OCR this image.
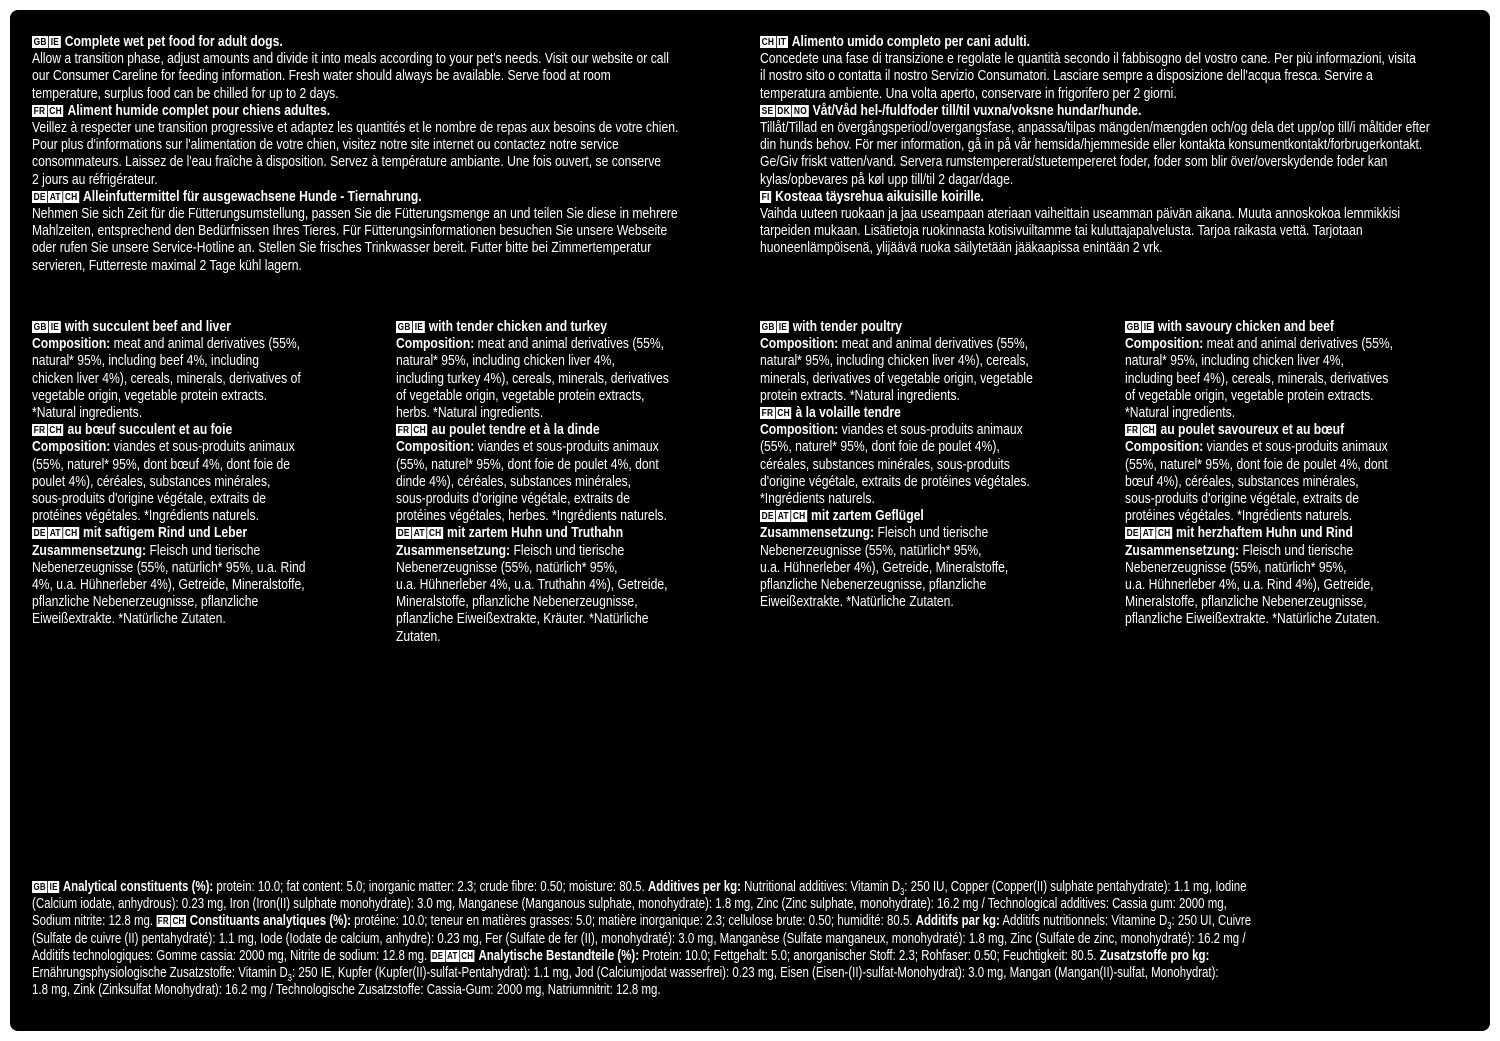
GB IE Complete wet pet food for adult dogs.
Allow a transition phase, adjust amounts and divide it into meals according to your pet's needs. Visit our website or call
our Consumer Careline for feeding information. Fresh water should always be available. Serve food at room
temperature, surplus food can be chilled for up to 2 days.

FR CH Aliment humide complet pour chiens adultes.
Veillez à respecter une transition progressive et adaptez les quantités et le nombre de repas aux besoins de votre chien.
Pour plus d'informations sur l'alimentation de votre chien, visitez notre site internet ou contactez notre service
consommateurs. Laissez de l'eau fraîche à disposition. Servez à température ambiante. Une fois ouvert, se conserve
2 jours au réfrigérateur.

DE AT CH Alleinfuttermittel für ausgewachsene Hunde - Tiernahrung.
Nehmen Sie sich Zeit für die Fütterungsumstellung, passen Sie die Fütterungsmenge an und teilen Sie diese in mehrere
Mahlzeiten, entsprechend den Bedürfnissen Ihres Tieres. Für Fütterungsinformationen besuchen Sie unsere Webseite
oder rufen Sie unsere Service-Hotline an. Stellen Sie frisches Trinkwasser bereit. Futter bitte bei Zimmertemperatur
servieren, Futterreste maximal 2 Tage kühl lagern.

CH IT Alimento umido completo per cani adulti.
Concedete una fase di transizione e regolate le quantità secondo il fabbisogno del vostro cane. Per più informazioni, visita
il nostro sito o contatta il nostro Servizio Consumatori. Lasciare sempre a disposizione dell'acqua fresca. Servire a
temperatura ambiente. Una volta aperto, conservare in frigorifero per 2 giorni.

SE DK NO Våt/Våd hel-/fuldfoder till/til vuxna/voksne hundar/hunde.
Tillåt/Tillad en övergångsperiod/overgangsfase, anpassa/tilpas mängden/mængden och/og dela det upp/op till/i måltider efter
din hunds behov. För mer information, gå in på vår hemsida/hjemmeside eller kontakta konsumentkontakt/forbrugerkontakt.
Ge/Giv friskt vatten/vand. Servera rumstempererat/stuetempereret foder, foder som blir över/overskydende foder kan
kylas/opbevares på køl upp till/til 2 dagar/dage.

FI Kosteaa täysrehua aikuisille koirille.
Vaihda uuteen ruokaan ja jaa useampaan ateriaan vaiheittain useamman päivän aikana. Muuta annoskokoa lemmikkisi
tarpeiden mukaan. Lisätietoja ruokinnasta kotisivuiltamme tai kuluttajapalvelusta. Tarjoa raikasta vettä. Tarjotaan
huoneenlämpöisenä, ylijäävä ruoka säilytetään jääkaapissa enintään 2 vrk.

GB IE with succulent beef and liver
Composition: meat and animal derivatives (55%,
natural* 95%, including beef 4%, including
chicken liver 4%), cereals, minerals, derivatives of
vegetable origin, vegetable protein extracts.
*Natural ingredients.

FR CH au bœuf succulent et au foie
Composition: viandes et sous-produits animaux
(55%, naturel* 95%, dont bœuf 4%, dont foie de
poulet 4%), céréales, substances minérales,
sous-produits d'origine végétale, extraits de
protéines végétales. *Ingrédients naturels.

DE AT CH mit saftigem Rind und Leber
Zusammensetzung: Fleisch und tierische
Nebenerzeugnisse (55%, natürlich* 95%, u.a. Rind
4%, u.a. Hühnerleber 4%), Getreide, Mineralstoffe,
pflanzliche Nebenerzeugnisse, pflanzliche
Eiweißextrakte. *Natürliche Zutaten.

GB IE with tender chicken and turkey
Composition: meat and animal derivatives (55%,
natural* 95%, including chicken liver 4%,
including turkey 4%), cereals, minerals, derivatives
of vegetable origin, vegetable protein extracts,
herbs. *Natural ingredients.

FR CH au poulet tendre et à la dinde
Composition: viandes et sous-produits animaux
(55%, naturel* 95%, dont foie de poulet 4%, dont
dinde 4%), céréales, substances minérales,
sous-produits d'origine végétale, extraits de
protéines végétales, herbes. *Ingrédients naturels.

DE AT CH mit zartem Huhn und Truthahn
Zusammensetzung: Fleisch und tierische
Nebenerzeugnisse (55%, natürlich* 95%,
u.a. Hühnerleber 4%, u.a. Truthahn 4%), Getreide,
Mineralstoffe, pflanzliche Nebenerzeugnisse,
pflanzliche Eiweißextrakte, Kräuter. *Natürliche
Zutaten.

GB IE with tender poultry
Composition: meat and animal derivatives (55%,
natural* 95%, including chicken liver 4%), cereals,
minerals, derivatives of vegetable origin, vegetable
protein extracts. *Natural ingredients.

FR CH à la volaille tendre
Composition: viandes et sous-produits animaux
(55%, naturel* 95%, dont foie de poulet 4%),
céréales, substances minérales, sous-produits
d'origine végétale, extraits de protéines végétales.
*Ingrédients naturels.

DE AT CH mit zartem Geflügel
Zusammensetzung: Fleisch und tierische
Nebenerzeugnisse (55%, natürlich* 95%,
u.a. Hühnerleber 4%), Getreide, Mineralstoffe,
pflanzliche Nebenerzeugnisse, pflanzliche
Eiweißextrakte. *Natürliche Zutaten.

GB IE with savoury chicken and beef
Composition: meat and animal derivatives (55%,
natural* 95%, including chicken liver 4%,
including beef 4%), cereals, minerals, derivatives
of vegetable origin, vegetable protein extracts.
*Natural ingredients.

FR CH au poulet savoureux et au bœuf
Composition: viandes et sous-produits animaux
(55%, naturel* 95%, dont foie de poulet 4%, dont
bœuf 4%), céréales, substances minérales,
sous-produits d'origine végétale, extraits de
protéines végétales. *Ingrédients naturels.

DE AT CH mit herzhaftem Huhn und Rind
Zusammensetzung: Fleisch und tierische
Nebenerzeugnisse (55%, natürlich* 95%,
u.a. Hühnerleber 4%, u.a. Rind 4%), Getreide,
Mineralstoffe, pflanzliche Nebenerzeugnisse,
pflanzliche Eiweißextrakte. *Natürliche Zutaten.

GB IE Analytical constituents (%): protein: 10.0; fat content: 5.0; inorganic matter: 2.3; crude fibre: 0.50; moisture: 80.5. Additives per kg: Nutritional additives: Vitamin $D_3$: 250 IU, Copper (Copper(II) sulphate pentahydrate): 1.1 mg, Iodine
(Calcium iodate, anhydrous): 0.23 mg, Iron (Iron(II) sulphate monohydrate): 3.0 mg, Manganese (Manganous sulphate, monohydrate): 1.8 mg, Zinc (Zinc sulphate, monohydrate): 16.2 mg / Technological additives: Cassia gum: 2000 mg,
Sodium nitrite: 12.8 mg. FR CH Constituants analytiques (%): protéine: 10.0; teneur en matières grasses: 5.0; matière inorganique: 2.3; cellulose brute: 0.50; humidité: 80.5. Additifs par kg: Additifs nutritionnels: Vitamine $D_3$: 250 UI, Cuivre
(Sulfate de cuivre (II) pentahydraté): 1.1 mg, Iode (Iodate de calcium, anhydre): 0.23 mg, Fer (Sulfate de fer (II), monohydraté): 3.0 mg, Manganèse (Sulfate manganeux, monohydraté): 1.8 mg, Zinc (Sulfate de zinc, monohydraté): 16.2 mg /
Additifs technologiques: Gomme cassia: 2000 mg, Nitrite de sodium: 12.8 mg. DE AT CH Analytische Bestandteile (%): Protein: 10.0; Fettgehalt: 5.0; anorganischer Stoff: 2.3; Rohfaser: 0.50; Feuchtigkeit: 80.5. Zusatzstoffe pro kg:
Ernährungsphysiologische Zusatzstoffe: Vitamin $D_3$: 250 IE, Kupfer (Kupfer(II)-sulfat-Pentahydrat): 1.1 mg, Jod (Calciumjodat wasserfrei): 0.23 mg, Eisen (Eisen-(II)-sulfat-Monohydrat): 3.0 mg, Mangan (Mangan(II)-sulfat, Monohydrat):
1.8 mg, Zink (Zinksulfat Monohydrat): 16.2 mg / Technologische Zusatzstoffe: Cassia-Gum: 2000 mg, Natriumnitrit: 12.8 mg.
